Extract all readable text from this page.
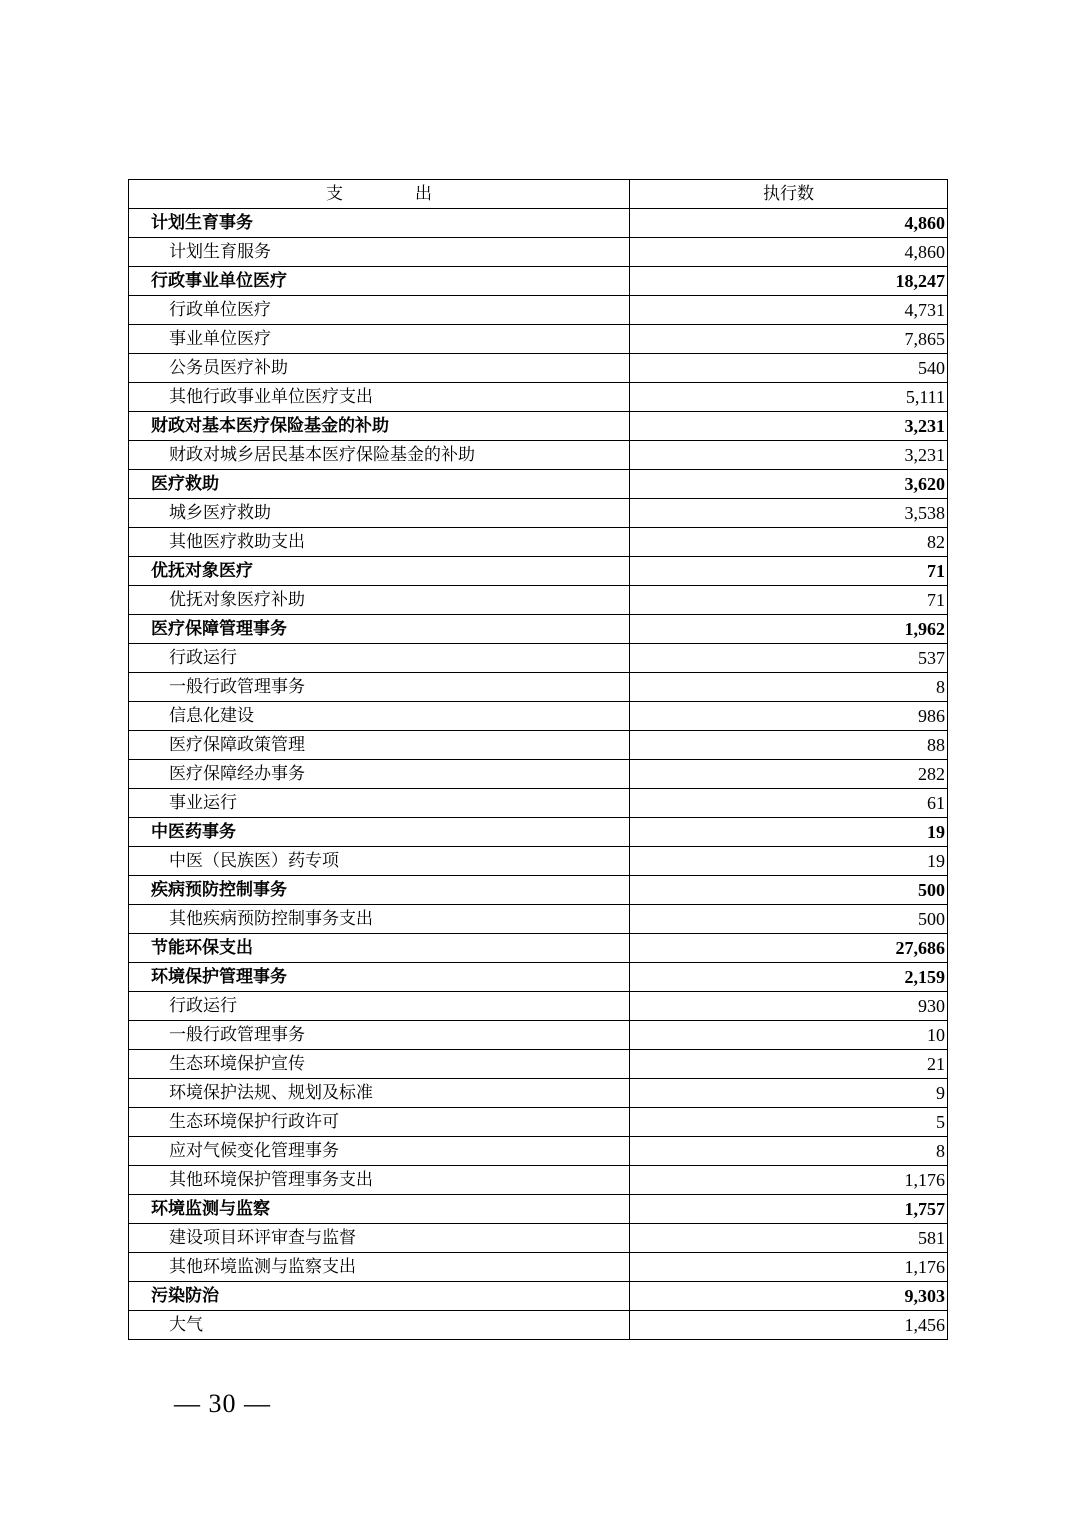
支 出	执行数
计划生育事务	4,860
计划生育服务	4,860
行政事业单位医疗	18,247
行政单位医疗	4,731
事业单位医疗	7,865
公务员医疗补助	540
其他行政事业单位医疗支出	5,111
财政对基本医疗保险基金的补助	3,231
财政对城乡居民基本医疗保险基金的补助	3,231
医疗救助	3,620
城乡医疗救助	3,538
其他医疗救助支出	82
优抚对象医疗	71
优抚对象医疗补助	71
医疗保障管理事务	1,962
行政运行	537
一般行政管理事务	8
信息化建设	986
医疗保障政策管理	88
医疗保障经办事务	282
事业运行	61
中医药事务	19
中医（民族医）药专项	19
疾病预防控制事务	500
其他疾病预防控制事务支出	500
节能环保支出	27,686
环境保护管理事务	2,159
行政运行	930
一般行政管理事务	10
生态环境保护宣传	21
环境保护法规、规划及标准	9
生态环境保护行政许可	5
应对气候变化管理事务	8
其他环境保护管理事务支出	1,176
环境监测与监察	1,757
建设项目环评审查与监督	581
其他环境监测与监察支出	1,176
污染防治	9,303
大气	1,456
— 30 —
